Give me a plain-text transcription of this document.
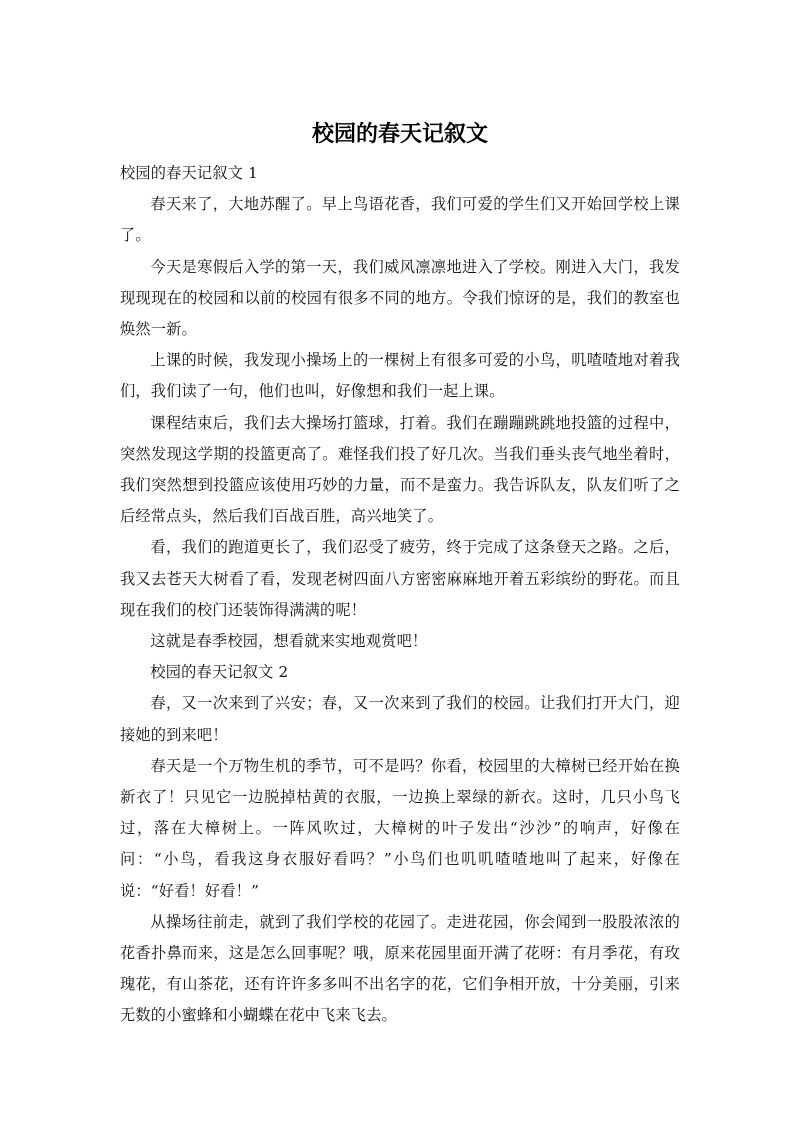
校园的春天记叙文

校园的春天记叙文 1

春天来了，大地苏醒了。早上鸟语花香，我们可爱的学生们又开始回学校上课了。

今天是寒假后入学的第一天，我们威风凛凛地进入了学校。刚进入大门，我发现现现在的校园和以前的校园有很多不同的地方。令我们惊讶的是，我们的教室也焕然一新。

上课的时候，我发现小操场上的一棵树上有很多可爱的小鸟，叽喳喳地对着我们，我们读了一句，他们也叫，好像想和我们一起上课。

课程结束后，我们去大操场打篮球，打着。我们在蹦蹦跳跳地投篮的过程中，突然发现这学期的投篮更高了。难怪我们投了好几次。当我们垂头丧气地坐着时，我们突然想到投篮应该使用巧妙的力量，而不是蛮力。我告诉队友，队友们听了之后经常点头，然后我们百战百胜，高兴地笑了。

看，我们的跑道更长了，我们忍受了疲劳，终于完成了这条登天之路。之后，我又去苍天大树看了看，发现老树四面八方密密麻麻地开着五彩缤纷的野花。而且现在我们的校门还装饰得满满的呢！

这就是春季校园，想看就来实地观赏吧！

校园的春天记叙文 2

春，又一次来到了兴安；春，又一次来到了我们的校园。让我们打开大门，迎接她的到来吧！

春天是一个万物生机的季节，可不是吗？你看，校园里的大樟树已经开始在换新衣了！只见它一边脱掉枯黄的衣服，一边换上翠绿的新衣。这时，几只小鸟飞过，落在大樟树上。一阵风吹过，大樟树的叶子发出“沙沙”的响声，好像在问：“小鸟，看我这身衣服好看吗？”小鸟们也叽叽喳喳地叫了起来，好像在说：“好看！好看！”

从操场往前走，就到了我们学校的花园了。走进花园，你会闻到一股股浓浓的花香扑鼻而来，这是怎么回事呢？哦，原来花园里面开满了花呀：有月季花，有玫瑰花，有山茶花，还有许许多多叫不出名字的花，它们争相开放，十分美丽，引来无数的小蜜蜂和小蝴蝶在花中飞来飞去。
